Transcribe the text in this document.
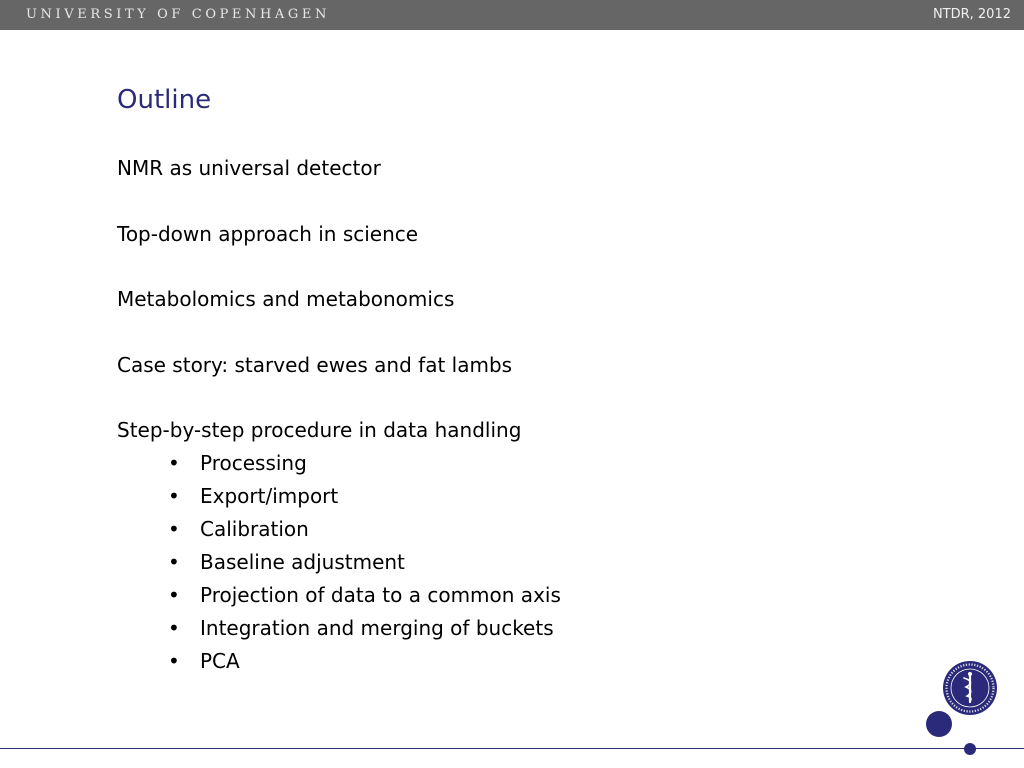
UNIVERSITY OF COPENHAGEN	NTDR, 2012
Outline
NMR as universal detector
Top-down approach in science
Metabolomics and metabonomics
Case story: starved ewes and fat lambs
Step-by-step procedure in data handling
• Processing
• Export/import
• Calibration
• Baseline adjustment
• Projection of data to a common axis
• Integration and merging of buckets
• PCA
